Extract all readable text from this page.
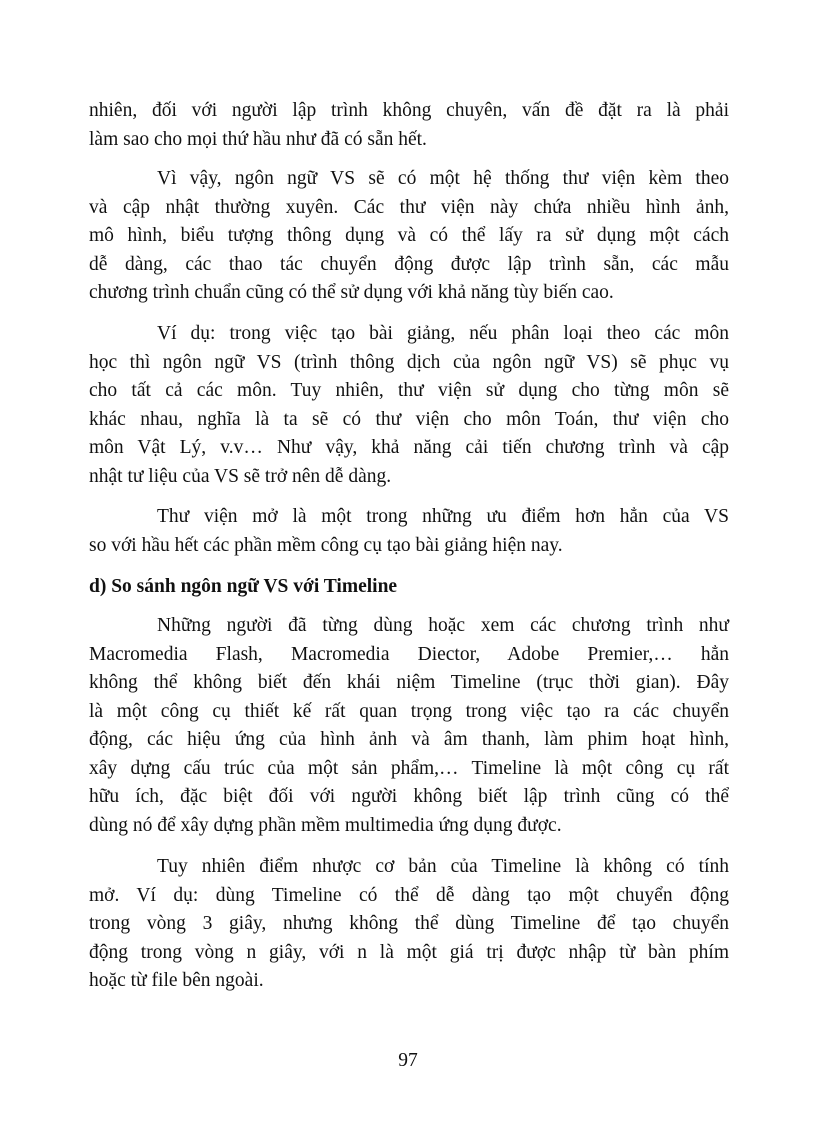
nhiên, đối với người lập trình không chuyên, vấn đề đặt ra là phải
làm sao cho mọi thứ hầu như đã có sẵn hết.
Vì vậy, ngôn ngữ VS sẽ có một hệ thống thư viện kèm theo
và cập nhật thường xuyên. Các thư viện này chứa nhiều hình ảnh,
mô hình, biểu tượng thông dụng và có thể lấy ra sử dụng một cách
dễ dàng, các thao tác chuyển động được lập trình sẵn, các mẫu
chương trình chuẩn cũng có thể sử dụng với khả năng tùy biến cao.
Ví dụ: trong việc tạo bài giảng, nếu phân loại theo các môn
học thì ngôn ngữ VS (trình thông dịch của ngôn ngữ VS) sẽ phục vụ
cho tất cả các môn. Tuy nhiên, thư viện sử dụng cho từng môn sẽ
khác nhau, nghĩa là ta sẽ có thư viện cho môn Toán, thư viện cho
môn Vật Lý, v.v… Như vậy, khả năng cải tiến chương trình và cập
nhật tư liệu của VS sẽ trở nên dễ dàng.
Thư viện mở là một trong những ưu điểm hơn hẳn của VS
so với hầu hết các phần mềm công cụ tạo bài giảng hiện nay.
d) So sánh ngôn ngữ VS với Timeline
Những người đã từng dùng hoặc xem các chương trình như
Macromedia Flash, Macromedia Diector, Adobe Premier,… hẳn
không thể không biết đến khái niệm Timeline (trục thời gian). Đây
là một công cụ thiết kế rất quan trọng trong việc tạo ra các chuyển
động, các hiệu ứng của hình ảnh và âm thanh, làm phim hoạt hình,
xây dựng cấu trúc của một sản phẩm,… Timeline là một công cụ rất
hữu ích, đặc biệt đối với người không biết lập trình cũng có thể
dùng nó để xây dựng phần mềm multimedia ứng dụng được.
Tuy nhiên điểm nhược cơ bản của Timeline là không có tính
mở. Ví dụ: dùng Timeline có thể dễ dàng tạo một chuyển động
trong vòng 3 giây, nhưng không thể dùng Timeline để tạo chuyển
động trong vòng n giây, với n là một giá trị được nhập từ bàn phím
hoặc từ file bên ngoài.
97
